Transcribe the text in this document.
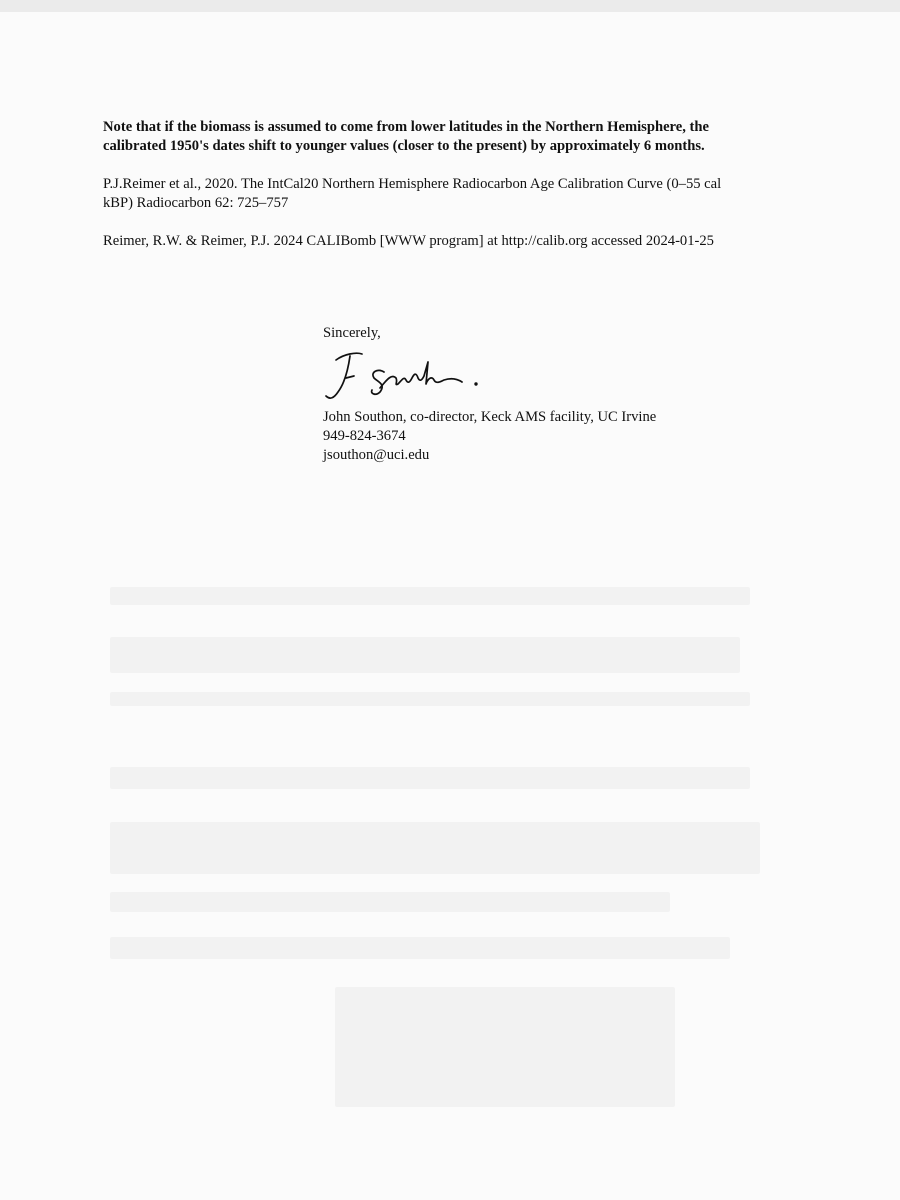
Note that if the biomass is assumed to come from lower latitudes in the Northern Hemisphere, the calibrated 1950's dates shift to younger values (closer to the present) by approximately 6 months.

P.J.Reimer et al., 2020. The IntCal20 Northern Hemisphere Radiocarbon Age Calibration Curve (0–55 cal kBP) Radiocarbon 62: 725–757

Reimer, R.W. & Reimer, P.J. 2024 CALIBomb [WWW program] at http://calib.org accessed 2024-01-25

Sincerely,
John Southon, co-director, Keck AMS facility, UC Irvine
949-824-3674
jsouthon@uci.edu
